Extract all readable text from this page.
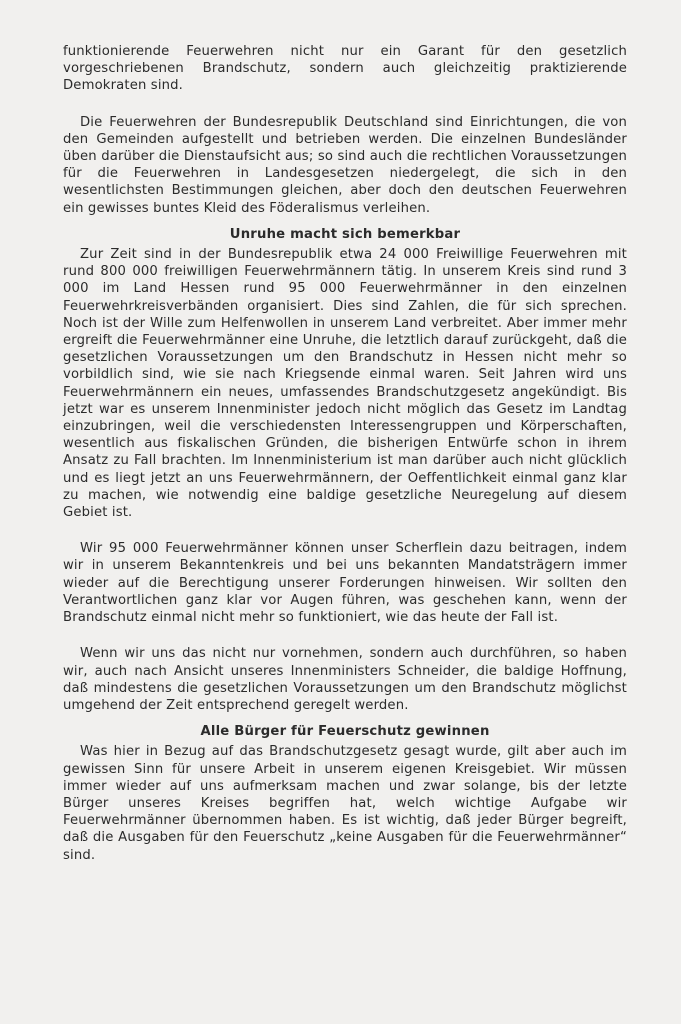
funktionierende Feuerwehren nicht nur ein Garant für den gesetzlich vorgeschriebenen Brandschutz, sondern auch gleichzeitig praktizierende Demokraten sind.

Die Feuerwehren der Bundesrepublik Deutschland sind Einrichtungen, die von den Gemeinden aufgestellt und betrieben werden. Die einzelnen Bundesländer üben darüber die Dienstaufsicht aus; so sind auch die rechtlichen Voraussetzungen für die Feuerwehren in Landesgesetzen niedergelegt, die sich in den wesentlichsten Bestimmungen gleichen, aber doch den deutschen Feuerwehren ein gewisses buntes Kleid des Föderalismus verleihen.

Unruhe macht sich bemerkbar

Zur Zeit sind in der Bundesrepublik etwa 24 000 Freiwillige Feuerwehren mit rund 800 000 freiwilligen Feuerwehrmännern tätig. In unserem Kreis sind rund 3 000 im Land Hessen rund 95 000 Feuerwehrmänner in den einzelnen Feuerwehrkreisverbänden organisiert. Dies sind Zahlen, die für sich sprechen. Noch ist der Wille zum Helfenwollen in unserem Land verbreitet. Aber immer mehr ergreift die Feuerwehrmänner eine Unruhe, die letztlich darauf zurückgeht, daß die gesetzlichen Voraussetzungen um den Brandschutz in Hessen nicht mehr so vorbildlich sind, wie sie nach Kriegsende einmal waren. Seit Jahren wird uns Feuerwehrmännern ein neues, umfassendes Brandschutzgesetz angekündigt. Bis jetzt war es unserem Innenminister jedoch nicht möglich das Gesetz im Landtag einzubringen, weil die verschiedensten Interessengruppen und Körperschaften, wesentlich aus fiskalischen Gründen, die bisherigen Entwürfe schon in ihrem Ansatz zu Fall brachten. Im Innenministerium ist man darüber auch nicht glücklich und es liegt jetzt an uns Feuerwehrmännern, der Oeffentlichkeit einmal ganz klar zu machen, wie notwendig eine baldige gesetzliche Neuregelung auf diesem Gebiet ist.

Wir 95 000 Feuerwehrmänner können unser Scherflein dazu beitragen, indem wir in unserem Bekanntenkreis und bei uns bekannten Mandatsträgern immer wieder auf die Berechtigung unserer Forderungen hinweisen. Wir sollten den Verantwortlichen ganz klar vor Augen führen, was geschehen kann, wenn der Brandschutz einmal nicht mehr so funktioniert, wie das heute der Fall ist.

Wenn wir uns das nicht nur vornehmen, sondern auch durchführen, so haben wir, auch nach Ansicht unseres Innenministers Schneider, die baldige Hoffnung, daß mindestens die gesetzlichen Voraussetzungen um den Brandschutz möglichst umgehend der Zeit entsprechend geregelt werden.

Alle Bürger für Feuerschutz gewinnen

Was hier in Bezug auf das Brandschutzgesetz gesagt wurde, gilt aber auch im gewissen Sinn für unsere Arbeit in unserem eigenen Kreisgebiet. Wir müssen immer wieder auf uns aufmerksam machen und zwar solange, bis der letzte Bürger unseres Kreises begriffen hat, welch wichtige Aufgabe wir Feuerwehrmänner übernommen haben. Es ist wichtig, daß jeder Bürger begreift, daß die Ausgaben für den Feuerschutz „keine Ausgaben für die Feuerwehrmänner“ sind.
